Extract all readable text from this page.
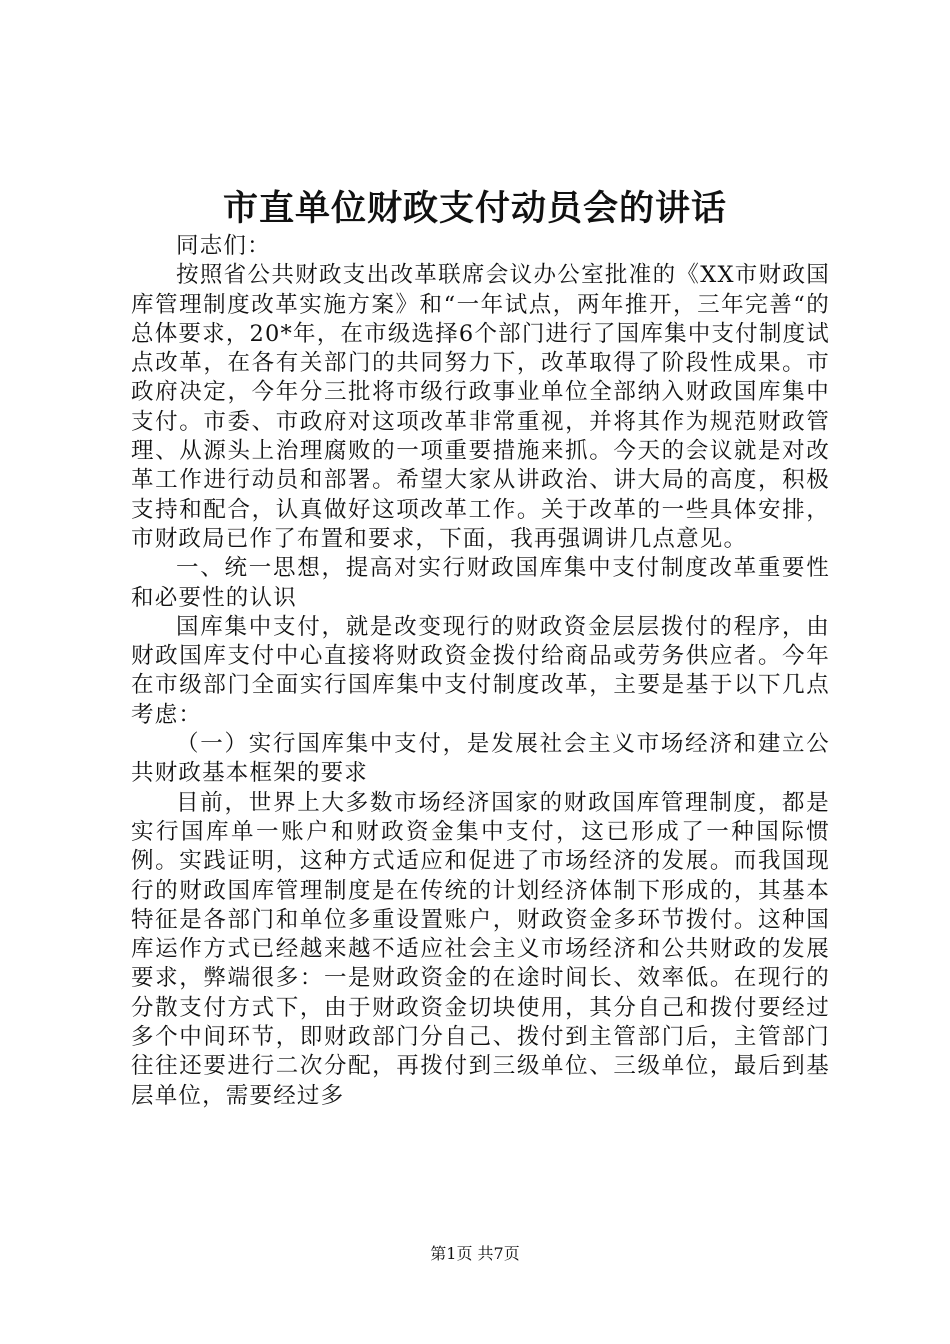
市直单位财政支付动员会的讲话

同志们：

按照省公共财政支出改革联席会议办公室批准的《XX市财政国库管理制度改革实施方案》和“一年试点，两年推开，三年完善“的总体要求，20*年，在市级选择6个部门进行了国库集中支付制度试点改革，在各有关部门的共同努力下，改革取得了阶段性成果。市政府决定，今年分三批将市级行政事业单位全部纳入财政国库集中支付。市委、市政府对这项改革非常重视，并将其作为规范财政管理、从源头上治理腐败的一项重要措施来抓。今天的会议就是对改革工作进行动员和部署。希望大家从讲政治、讲大局的高度，积极支持和配合，认真做好这项改革工作。关于改革的一些具体安排，市财政局已作了布置和要求，下面，我再强调讲几点意见。

一、统一思想，提高对实行财政国库集中支付制度改革重要性和必要性的认识

国库集中支付，就是改变现行的财政资金层层拨付的程序，由财政国库支付中心直接将财政资金拨付给商品或劳务供应者。今年在市级部门全面实行国库集中支付制度改革，主要是基于以下几点考虑：

（一）实行国库集中支付，是发展社会主义市场经济和建立公共财政基本框架的要求

目前，世界上大多数市场经济国家的财政国库管理制度，都是实行国库单一账户和财政资金集中支付，这已形成了一种国际惯例。实践证明，这种方式适应和促进了市场经济的发展。而我国现行的财政国库管理制度是在传统的计划经济体制下形成的，其基本特征是各部门和单位多重设置账户，财政资金多环节拨付。这种国库运作方式已经越来越不适应社会主义市场经济和公共财政的发展要求，弊端很多：一是财政资金的在途时间长、效率低。在现行的分散支付方式下，由于财政资金切块使用，其分自己和拨付要经过多个中间环节，即财政部门分自己、拨付到主管部门后，主管部门往往还要进行二次分配，再拨付到三级单位、三级单位，最后到基层单位，需要经过多

第1页 共7页
